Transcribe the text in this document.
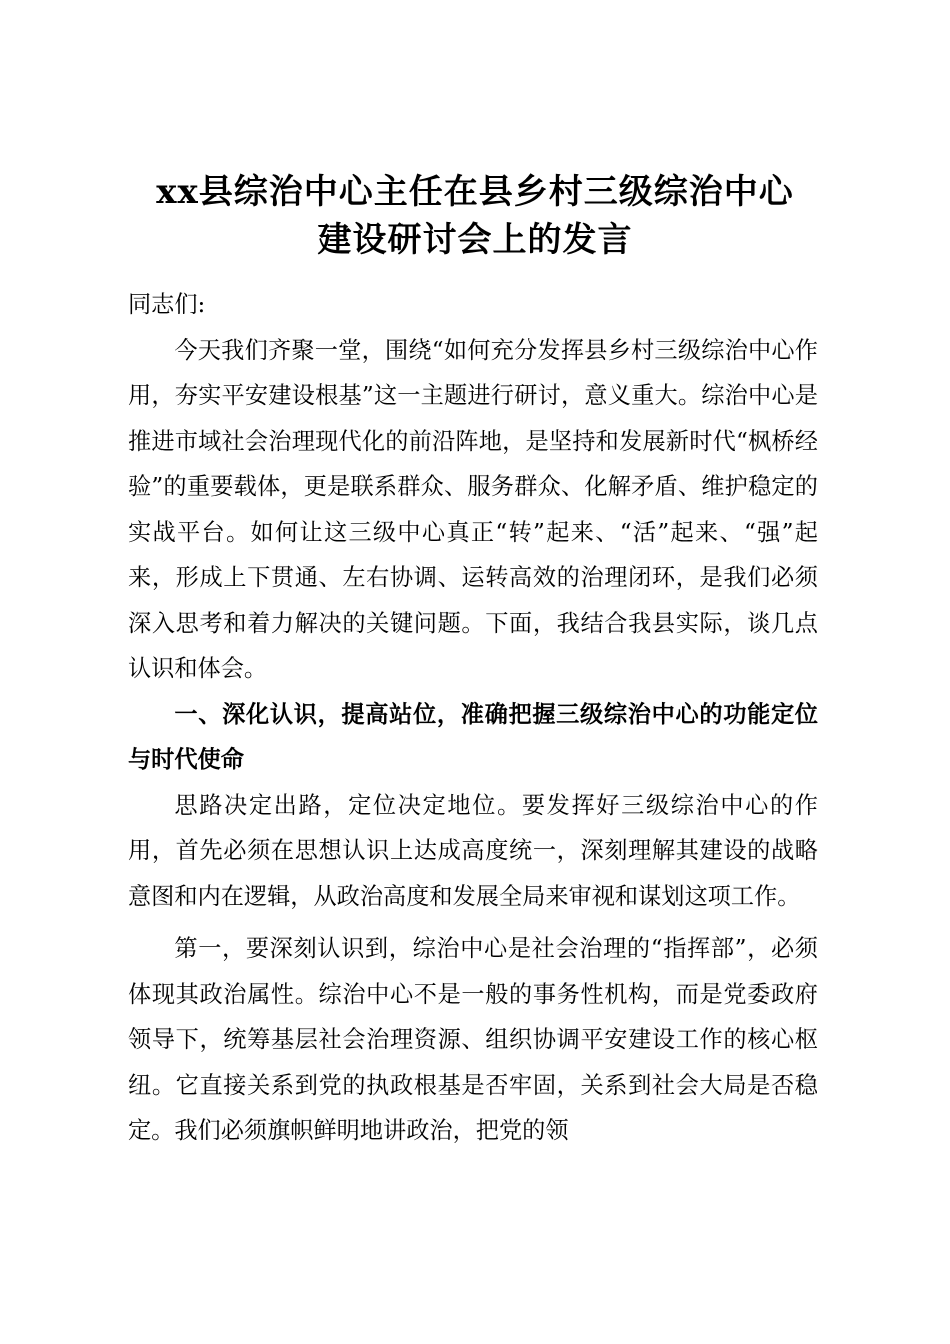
xx县综治中心主任在县乡村三级综治中心
建设研讨会上的发言

同志们:

今天我们齐聚一堂，围绕“如何充分发挥县乡村三级综治中心作用，夯实平安建设根基”这一主题进行研讨，意义重大。综治中心是推进市域社会治理现代化的前沿阵地，是坚持和发展新时代“枫桥经验”的重要载体，更是联系群众、服务群众、化解矛盾、维护稳定的实战平台。如何让这三级中心真正“转”起来、“活”起来、“强”起来，形成上下贯通、左右协调、运转高效的治理闭环，是我们必须深入思考和着力解决的关键问题。下面，我结合我县实际，谈几点认识和体会。

一、深化认识，提高站位，准确把握三级综治中心的功能定位与时代使命

思路决定出路，定位决定地位。要发挥好三级综治中心的作用，首先必须在思想认识上达成高度统一，深刻理解其建设的战略意图和内在逻辑，从政治高度和发展全局来审视和谋划这项工作。

第一，要深刻认识到，综治中心是社会治理的“指挥部”，必须体现其政治属性。综治中心不是一般的事务性机构，而是党委政府领导下，统筹基层社会治理资源、组织协调平安建设工作的核心枢纽。它直接关系到党的执政根基是否牢固，关系到社会大局是否稳定。我们必须旗帜鲜明地讲政治，把党的领
